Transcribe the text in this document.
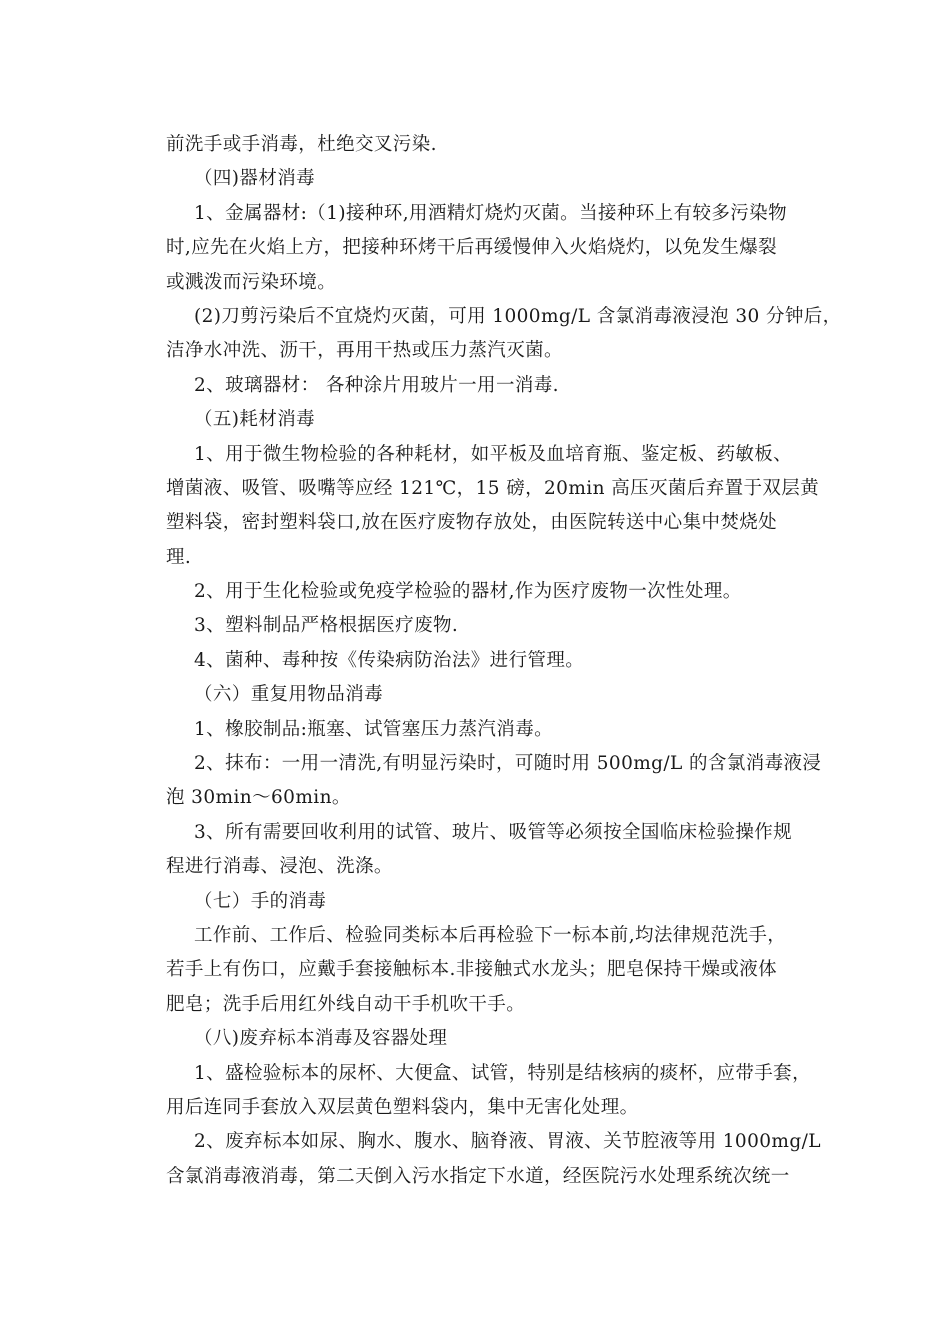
前洗手或手消毒，杜绝交叉污染.
（四)器材消毒
1、金属器材:（1)接种环,用酒精灯烧灼灭菌。当接种环上有较多污染物
时,应先在火焰上方，把接种环烤干后再缓慢伸入火焰烧灼，以免发生爆裂
或溅泼而污染环境。
(2)刀剪污染后不宜烧灼灭菌，可用 1000mg/L 含氯消毒液浸泡 30 分钟后，
洁净水冲洗、沥干，再用干热或压力蒸汽灭菌。
2、玻璃器材： 各种涂片用玻片一用一消毒.
（五)耗材消毒
1、用于微生物检验的各种耗材，如平板及血培育瓶、鉴定板、药敏板、
增菌液、吸管、吸嘴等应经 121℃，15 磅，20min 高压灭菌后弃置于双层黄
塑料袋，密封塑料袋口,放在医疗废物存放处，由医院转送中心集中焚烧处
理.
2、用于生化检验或免疫学检验的器材,作为医疗废物一次性处理。
3、塑料制品严格根据医疗废物.
4、菌种、毒种按《传染病防治法》进行管理。
（六）重复用物品消毒
1、橡胶制品:瓶塞、试管塞压力蒸汽消毒。
2、抹布：一用一清洗,有明显污染时，可随时用 500mg/L 的含氯消毒液浸
泡 30min～60min。
3、所有需要回收利用的试管、玻片、吸管等必须按全国临床检验操作规
程进行消毒、浸泡、洗涤。
（七）手的消毒
工作前、工作后、检验同类标本后再检验下一标本前,均法律规范洗手，
若手上有伤口，应戴手套接触标本.非接触式水龙头；肥皂保持干燥或液体
肥皂；洗手后用红外线自动干手机吹干手。
（八)废弃标本消毒及容器处理
1、盛检验标本的尿杯、大便盒、试管，特别是结核病的痰杯，应带手套，
用后连同手套放入双层黄色塑料袋内，集中无害化处理。
2、废弃标本如尿、胸水、腹水、脑脊液、胃液、关节腔液等用 1000mg/L
含氯消毒液消毒，第二天倒入污水指定下水道，经医院污水处理系统次统一
